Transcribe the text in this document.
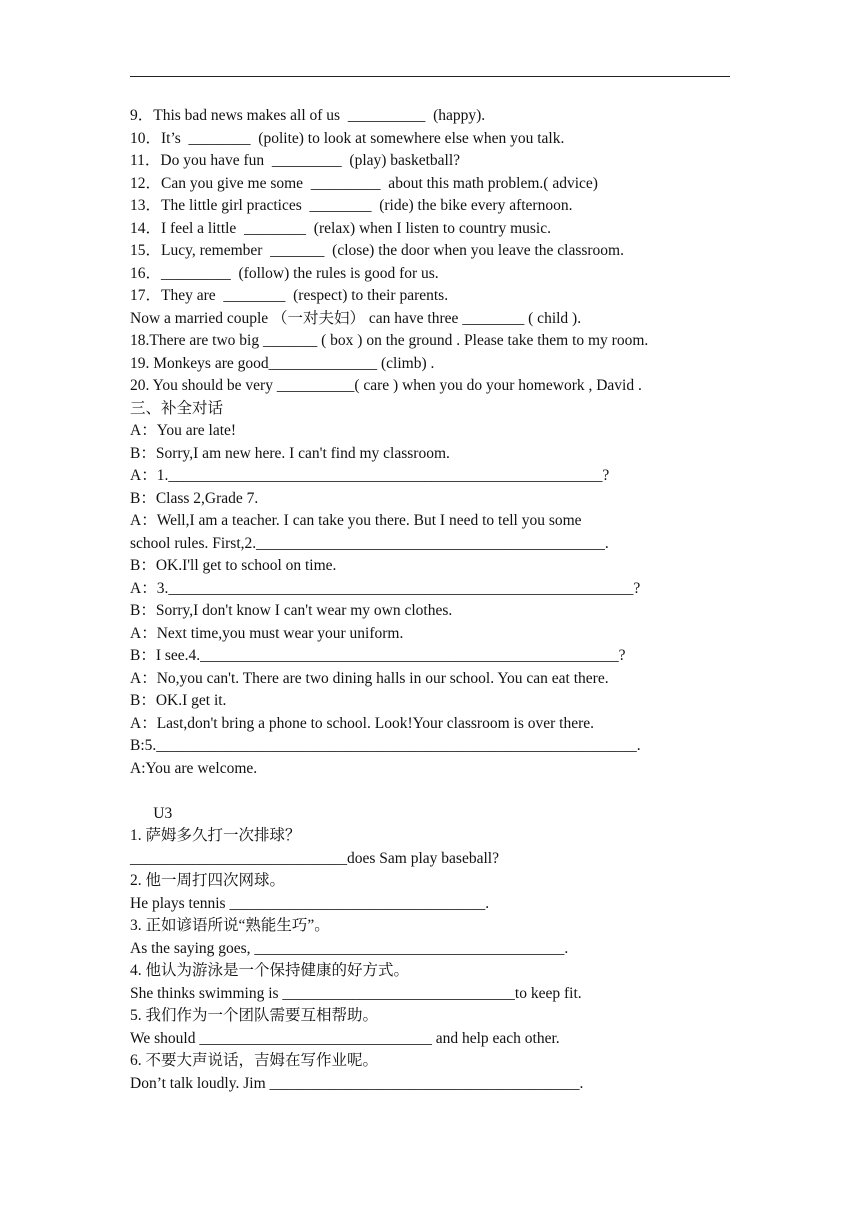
9．This bad news makes all of us  __________  (happy).
10．It’s  ________  (polite) to look at somewhere else when you talk.
11．Do you have fun  _________  (play) basketball?
12．Can you give me some  _________  about this math problem.( advice)
13．The little girl practices  ________  (ride) the bike every afternoon.
14．I feel a little  ________  (relax) when I listen to country music.
15．Lucy, remember  _______  (close) the door when you leave the classroom.
16．_________  (follow) the rules is good for us.
17．They are  ________  (respect) to their parents.
Now a married couple （一对夫妇） can have three ________ ( child ).
18.There are two big _______ ( box ) on the ground . Please take them to my room.
19. Monkeys are good______________ (climb) .
20. You should be very __________( care ) when you do your homework , David .
三、补全对话
A：You are late!
B：Sorry,I am new here. I can't find my classroom.
A：1.________________________________________________________?
B：Class 2,Grade 7.
A：Well,I am a teacher. I can take you there. But I need to tell you some
school rules. First,2._____________________________________________.
B：OK.I'll get to school on time.
A：3.____________________________________________________________?
B：Sorry,I don't know I can't wear my own clothes.
A：Next time,you must wear your uniform.
B：I see.4.______________________________________________________?
A：No,you can't. There are two dining halls in our school. You can eat there.
B：OK.I get it.
A：Last,don't bring a phone to school. Look!Your classroom is over there.
B:5.______________________________________________________________.
A:You are welcome.
U3
1. 萨姆多久打一次排球？
____________________________does Sam play baseball?
2. 他一周打四次网球。
He plays tennis _________________________________.
3. 正如谚语所说“熟能生巧”。
As the saying goes, ________________________________________.
4. 他认为游泳是一个保持健康的好方式。
She thinks swimming is ______________________________to keep fit.
5. 我们作为一个团队需要互相帮助。
We should ______________________________ and help each other.
6. 不要大声说话，吉姆在写作业呢。
Don’t talk loudly. Jim ________________________________________.
